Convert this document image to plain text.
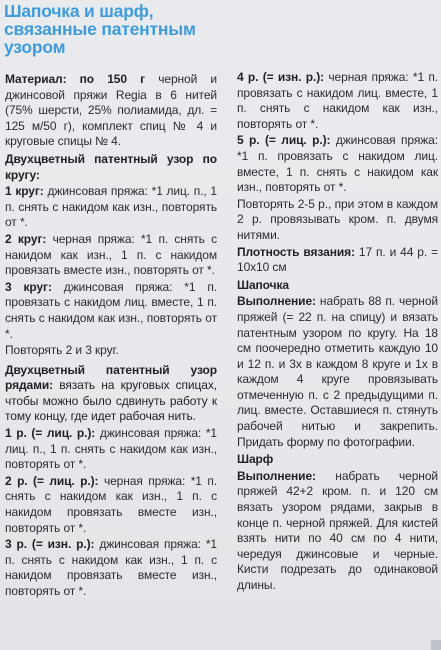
Шапочка и шарф,
связанные патентным
узором

Материал: по 150 г черной и джинсовой пряжи Regia в 6 нитей (75% шерсти, 25% полиамида, дл. = 125 м/50 г), комплект спиц № 4 и круговые спицы № 4.

Двухцветный патентный узор по кругу:

1 круг: джинсовая пряжа: *1 лиц. п., 1 п. снять с накидом как изн., повторять от *.

2 круг: черная пряжа: *1 п. снять с накидом как изн., 1 п. с накидом провязать вместе изн., повторять от *.

3 круг: джинсовая пряжа: *1 п. провязать с накидом лиц. вместе, 1 п. снять с накидом как изн., повторять от *.

Повторять 2 и 3 круг.

Двухцветный патентный узор рядами: вязать на круговых спицах, чтобы можно было сдвинуть работу к тому концу, где идет рабочая нить.

1 р. (= лиц. р.): джинсовая пряжа: *1 лиц. п., 1 п. снять с накидом как изн., повторять от *.

2 р. (= лиц. р.): черная пряжа: *1 п. снять с накидом как изн., 1 п. с накидом провязать вместе изн., повторять от *.

3 р. (= изн. р.): джинсовая пряжа: *1 п. снять с накидом как изн., 1 п. с накидом провязать вместе изн., повторять от *.

4 р. (= изн. р.): черная пряжа: *1 п. провязать с накидом лиц. вместе, 1 п. снять с накидом как изн., повторять от *.

5 р. (= лиц. р.): джинсовая пряжа: *1 п. провязать с накидом лиц. вместе, 1 п. снять с накидом как изн., повторять от *.

Повторять 2-5 р., при этом в каждом 2 р. провязывать кром. п. двумя нитями.

Плотность вязания: 17 п. и 44 р. = 10х10 см

Шапочка

Выполнение: набрать 88 п. черной пряжей (= 22 п. на спицу) и вязать патентным узором по кругу. На 18 см поочередно отметить каждую 10 и 12 п. и 3х в каждом 8 круге и 1х в каждом 4 круге провязывать отмеченную п. с 2 предыдущими п. лиц. вместе. Оставшиеся п. стянуть рабочей нитью и закрепить. Придать форму по фотографии.

Шарф

Выполнение: набрать черной пряжей 42+2 кром. п. и 120 см вязать узором рядами, закрыв в конце п. черной пряжей. Для кистей взять нити по 40 см по 4 нити, чередуя джинсовые и черные. Кисти подрезать до одинаковой длины.
